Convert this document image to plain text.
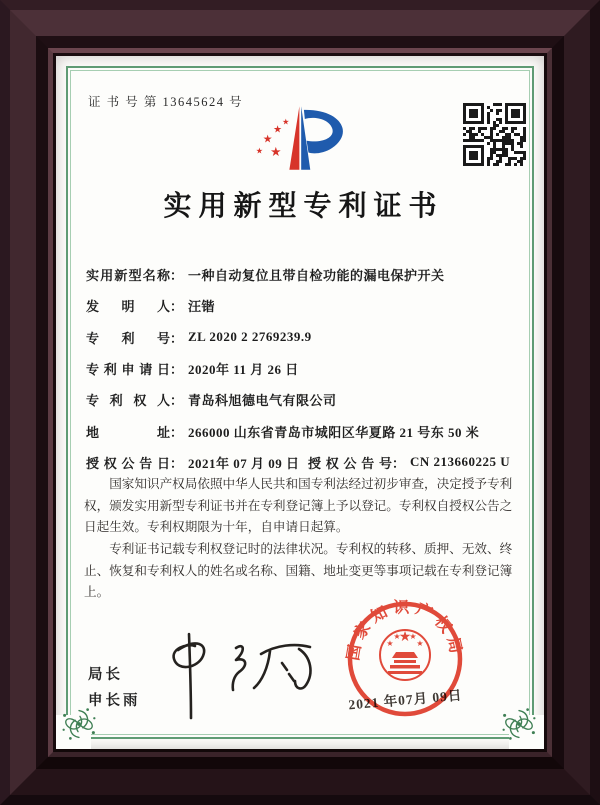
证 书 号 第 13645624 号
★
★
★
★ ★
实用新型专利证书
实用新型名称 ： 一种自动复位且带自检功能的漏电保护开关
发明人 ： 汪锴
专利号 ： ZL 2020 2 2769239.9
专利申请日 ： 2020年 11 月 26 日
专利权人 ： 青岛科旭德电气有限公司
地址 ： 266000 山东省青岛市城阳区华夏路 21 号东 50 米
授权公告日 ： 2021年 07 月 09 日 授权公告号 ： CN 213660225 U

国家知识产权局依照中华人民共和国专利法经过初步审查，决定授予专利权，颁发实用新型专利证书并在专利登记簿上予以登记。专利权自授权公告之日起生效。专利权期限为十年，自申请日起算。

专利证书记载专利权登记时的法律状况。专利权的转移、质押、无效、终止、恢复和专利权人的姓名或名称、国籍、地址变更等事项记载在专利登记簿上。

局长
申长雨	2021 年07月 09日
国家知识产权局
★
★
★ ★
★
